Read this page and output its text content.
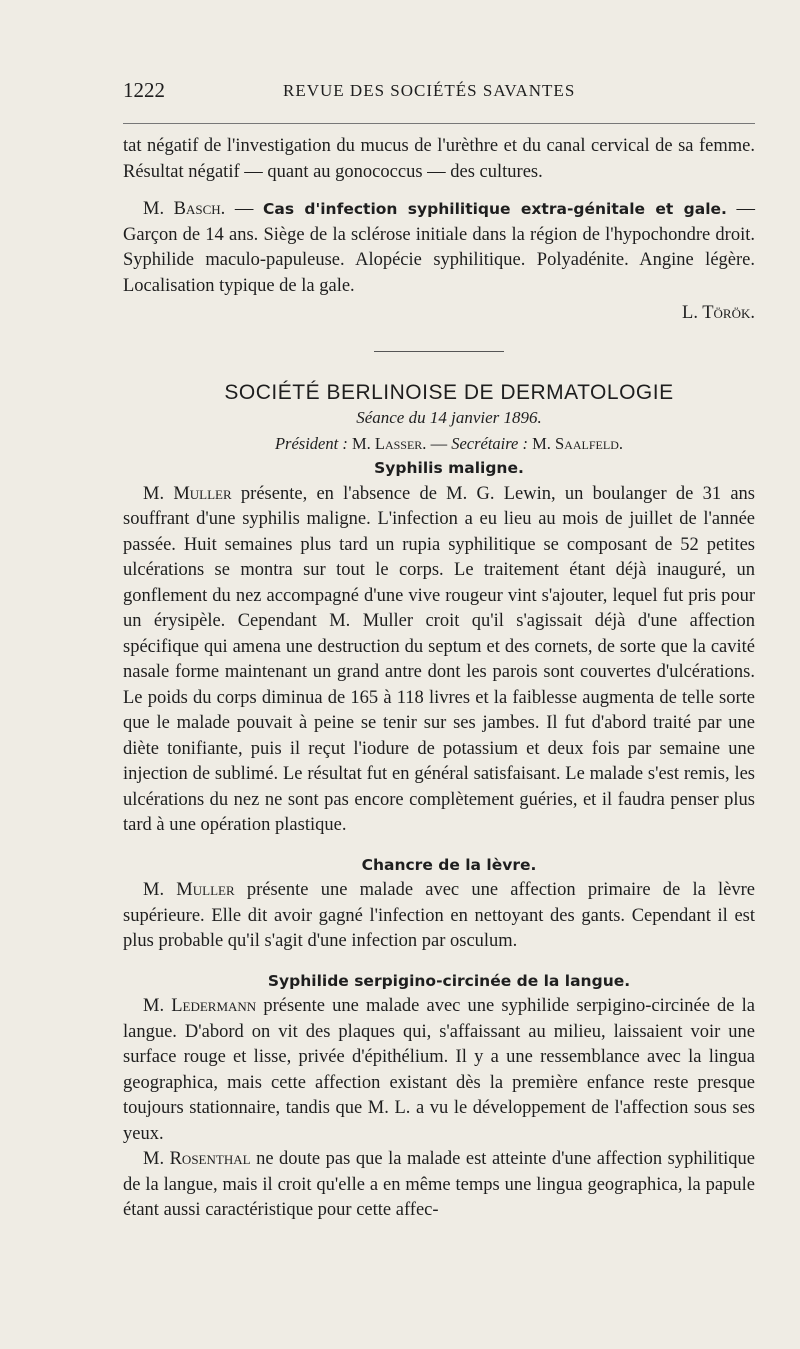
1222	REVUE DES SOCIÉTÉS SAVANTES

tat négatif de l'investigation du mucus de l'urèthre et du canal cervical de sa femme. Résultat négatif — quant au gonococcus — des cultures.

M. Basch. — Cas d'infection syphilitique extra-génitale et gale. — Garçon de 14 ans. Siège de la sclérose initiale dans la région de l'hypochondre droit. Syphilide maculo-papuleuse. Alopécie syphilitique. Polyadénite. Angine légère. Localisation typique de la gale.

L. Török.

SOCIÉTÉ BERLINOISE DE DERMATOLOGIE

Séance du 14 janvier 1896.

Président : M. Lasser. — Secrétaire : M. Saalfeld.

Syphilis maligne.

M. Muller présente, en l'absence de M. G. Lewin, un boulanger de 31 ans souffrant d'une syphilis maligne. L'infection a eu lieu au mois de juillet de l'année passée. Huit semaines plus tard un rupia syphilitique se composant de 52 petites ulcérations se montra sur tout le corps. Le traitement étant déjà inauguré, un gonflement du nez accompagné d'une vive rougeur vint s'ajouter, lequel fut pris pour un érysipèle. Cependant M. Muller croit qu'il s'agissait déjà d'une affection spécifique qui amena une destruction du septum et des cornets, de sorte que la cavité nasale forme maintenant un grand antre dont les parois sont couvertes d'ulcérations. Le poids du corps diminua de 165 à 118 livres et la faiblesse augmenta de telle sorte que le malade pouvait à peine se tenir sur ses jambes. Il fut d'abord traité par une diète tonifiante, puis il reçut l'iodure de potassium et deux fois par semaine une injection de sublimé. Le résultat fut en général satisfaisant. Le malade s'est remis, les ulcérations du nez ne sont pas encore complètement guéries, et il faudra penser plus tard à une opération plastique.

Chancre de la lèvre.

M. Muller présente une malade avec une affection primaire de la lèvre supérieure. Elle dit avoir gagné l'infection en nettoyant des gants. Cependant il est plus probable qu'il s'agit d'une infection par osculum.

Syphilide serpigino-circinée de la langue.

M. Ledermann présente une malade avec une syphilide serpigino-circinée de la langue. D'abord on vit des plaques qui, s'affaissant au milieu, laissaient voir une surface rouge et lisse, privée d'épithélium. Il y a une ressemblance avec la lingua geographica, mais cette affection existant dès la première enfance reste presque toujours stationnaire, tandis que M. L. a vu le développement de l'affection sous ses yeux.

M. Rosenthal ne doute pas que la malade est atteinte d'une affection syphilitique de la langue, mais il croit qu'elle a en même temps une lingua geographica, la papule étant aussi caractéristique pour cette affec-
